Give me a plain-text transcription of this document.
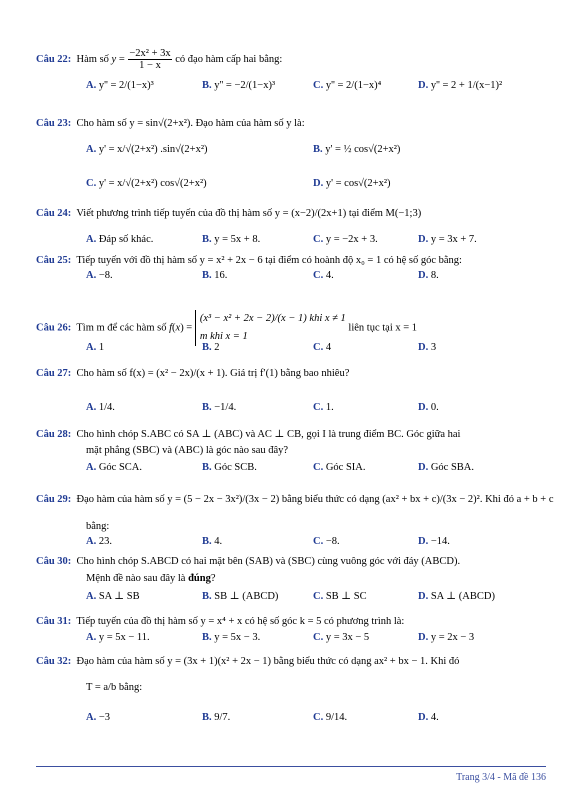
Câu 22: Hàm số $y = \frac{\text{−2x² + 3x}}{1 - x}$ có đạo hàm cấp hai bằng:
A. y'' = 2/(1−x)³	B. y'' = −2/(1−x)³	C. y'' = 2/(1−x)⁴	D. y'' = 2 + 1/(x−1)²
Câu 23: Cho hàm số y = sin√(2+x²). Đạo hàm của hàm số y là:
A. y' = x/√(2+x²) .sin√(2+x²)	B. y' = ½ cos√(2+x²)
C. y' = x/√(2+x²) cos√(2+x²)	D. y' = cos√(2+x²)
Câu 24: Viết phương trình tiếp tuyến của đồ thị hàm số y = (x−2)/(2x+1) tại điểm M(−1;3)
A. Đáp số khác.	B. y = 5x + 8.	C. y = −2x + 3.	D. y = 3x + 7.
Câu 25: Tiếp tuyến với đồ thị hàm số y = x² + 2x − 6 tại điểm có hoành độ x₀ = 1 có hệ số góc bằng:
A. −8.	B. 16.	C. 4.	D. 8.
Câu 26: Tìm m để các hàm số f(x) =
(x³ − x² + 2x − 2)/(x − 1) khi x ≠ 1
m khi x = 1
liên tục tại x = 1
A. 1	B. 2	C. 4	D. 3
Câu 27: Cho hàm số f(x) = (x² − 2x)/(x + 1). Giá trị f′(1) bằng bao nhiêu?
A. 1/4.	B. −1/4.	C. 1.	D. 0.
Câu 28: Cho hình chóp S.ABC có SA ⊥ (ABC) và AC ⊥ CB, gọi I là trung điểm BC. Góc giữa hai
mặt phẳng (SBC) và (ABC) là góc nào sau đây?
A. Góc SCA.	B. Góc SCB.	C. Góc SIA.	D. Góc SBA.
Câu 29: Đạo hàm của hàm số y = (5 − 2x − 3x²)/(3x − 2) bằng biểu thức có dạng (ax² + bx + c)/(3x − 2)². Khi đó a + b + c
bằng:
A. 23.	B. 4.	C. −8.	D. −14.
Câu 30: Cho hình chóp S.ABCD có hai mặt bên (SAB) và (SBC) cùng vuông góc với đáy (ABCD).
Mệnh đề nào sau đây là đúng?
A. SA ⊥ SB	B. SB ⊥ (ABCD)	C. SB ⊥ SC	D. SA ⊥ (ABCD)
Câu 31: Tiếp tuyến của đồ thị hàm số y = x⁴ + x có hệ số góc k = 5 có phương trình là:
A. y = 5x − 11.	B. y = 5x − 3.	C. y = 3x − 5	D. y = 2x − 3
Câu 32: Đạo hàm của hàm số y = (3x + 1)(x² + 2x − 1) bằng biểu thức có dạng ax² + bx − 1. Khi đó
T = a/b bằng:
A. −3	B. 9/7.	C. 9/14.	D. 4.
Trang 3/4 - Mã đề 136
